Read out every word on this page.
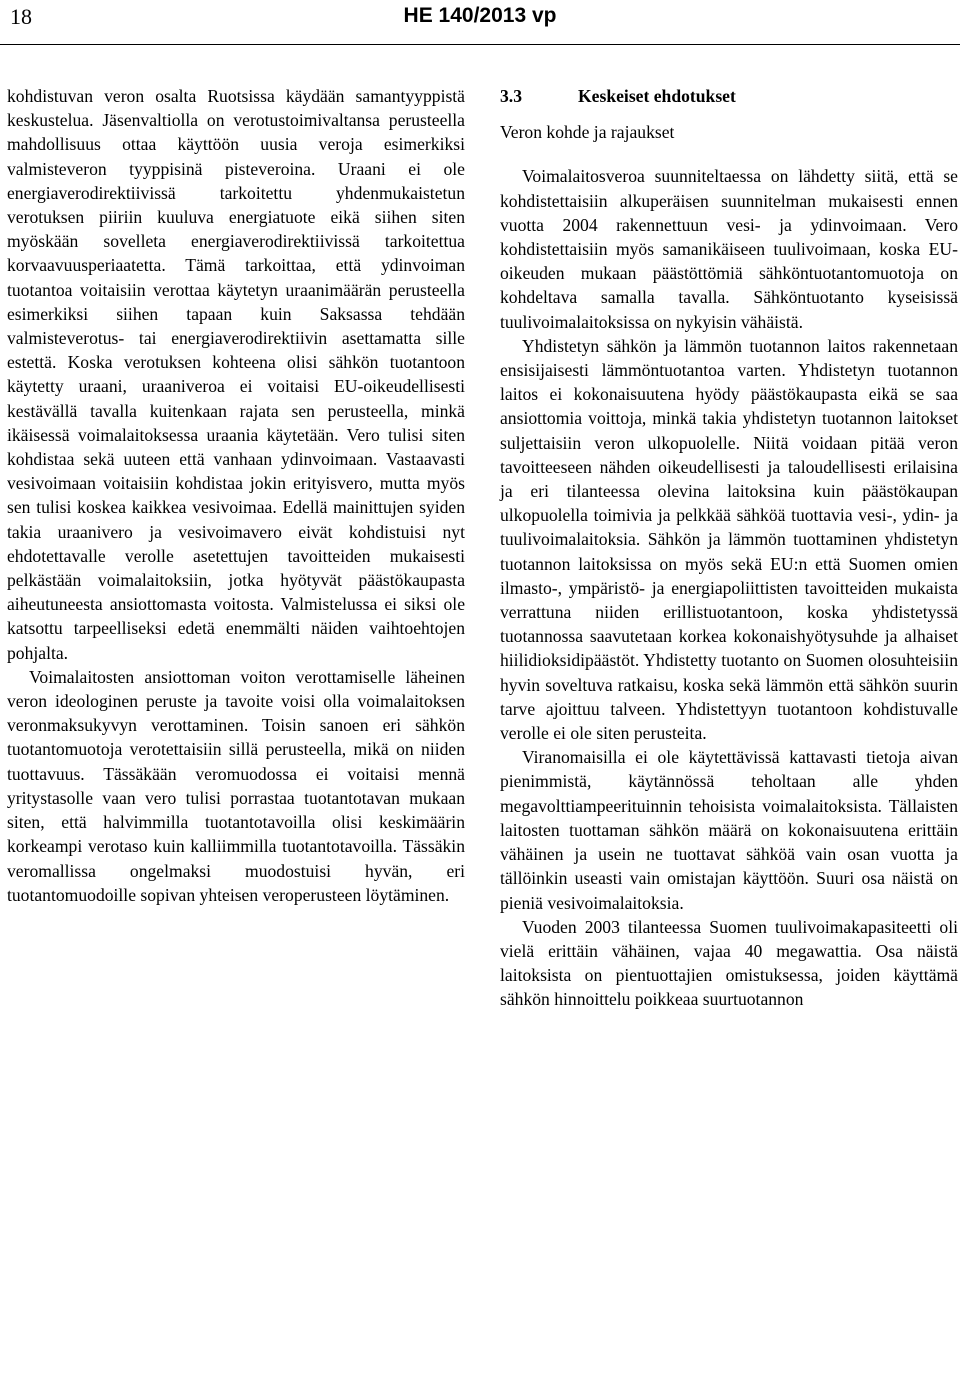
18	HE 140/2013 vp

kohdistuvan veron osalta Ruotsissa käydään samantyyppistä keskustelua. Jäsenvaltiolla on verotustoimivaltansa perusteella mahdollisuus ottaa käyttöön uusia veroja esimerkiksi valmisteveron tyyppisinä pisteveroina. Uraani ei ole energiaverodirektiivissä tarkoitettu yhdenmukaistetun verotuksen piiriin kuuluva energiatuote eikä siihen siten myöskään sovelleta energiaverodirektiivissä tarkoitettua korvaavuusperiaatetta. Tämä tarkoittaa, että ydinvoiman tuotantoa voitaisiin verottaa käytetyn uraanimäärän perusteella esimerkiksi siihen tapaan kuin Saksassa tehdään valmisteverotus- tai energiaverodirektiivin asettamatta sille estettä. Koska verotuksen kohteena olisi sähkön tuotantoon käytetty uraani, uraaniveroa ei voitaisi EU-oikeudellisesti kestävällä tavalla kuitenkaan rajata sen perusteella, minkä ikäisessä voimalaitoksessa uraania käytetään. Vero tulisi siten kohdistaa sekä uuteen että vanhaan ydinvoimaan. Vastaavasti vesivoimaan voitaisiin kohdistaa jokin erityisvero, mutta myös sen tulisi koskea kaikkea vesivoimaa. Edellä mainittujen syiden takia uraanivero ja vesivoimavero eivät kohdistuisi nyt ehdotettavalle verolle asetettujen tavoitteiden mukaisesti pelkästään voimalaitoksiin, jotka hyötyvät päästökaupasta aiheutuneesta ansiottomasta voitosta. Valmistelussa ei siksi ole katsottu tarpeelliseksi edetä enemmälti näiden vaihtoehtojen pohjalta.

Voimalaitosten ansiottoman voiton verottamiselle läheinen veron ideologinen peruste ja tavoite voisi olla voimalaitoksen veronmaksukyvyn verottaminen. Toisin sanoen eri sähkön tuotantomuotoja verotettaisiin sillä perusteella, mikä on niiden tuottavuus. Tässäkään veromuodossa ei voitaisi mennä yritystasolle vaan vero tulisi porrastaa tuotantotavan mukaan siten, että halvimmilla tuotantotavoilla olisi keskimäärin korkeampi verotaso kuin kalliimmilla tuotantotavoilla. Tässäkin veromallissa ongelmaksi muodostuisi hyvän, eri tuotantomuodoille sopivan yhteisen veroperusteen löytäminen.

3.3	Keskeiset ehdotukset

Veron kohde ja rajaukset

Voimalaitosveroa suunniteltaessa on lähdetty siitä, että se kohdistettaisiin alkuperäisen suunnitelman mukaisesti ennen vuotta 2004 rakennettuun vesi- ja ydinvoimaan. Vero kohdistettaisiin myös samanikäiseen tuulivoimaan, koska EU-oikeuden mukaan päästöttömiä sähköntuotantomuotoja on kohdeltava samalla tavalla. Sähköntuotanto kyseisissä tuulivoimalaitoksissa on nykyisin vähäistä.

Yhdistetyn sähkön ja lämmön tuotannon laitos rakennetaan ensisijaisesti lämmöntuotantoa varten. Yhdistetyn tuotannon laitos ei kokonaisuutena hyödy päästökaupasta eikä se saa ansiottomia voittoja, minkä takia yhdistetyn tuotannon laitokset suljettaisiin veron ulkopuolelle. Niitä voidaan pitää veron tavoitteeseen nähden oikeudellisesti ja taloudellisesti erilaisina ja eri tilanteessa olevina laitoksina kuin päästökaupan ulkopuolella toimivia ja pelkkää sähköä tuottavia vesi-, ydin- ja tuulivoimalaitoksia. Sähkön ja lämmön tuottaminen yhdistetyn tuotannon laitoksissa on myös sekä EU:n että Suomen omien ilmasto-, ympäristö- ja energiapoliittisten tavoitteiden mukaista verrattuna niiden erillistuotantoon, koska yhdistetyssä tuotannossa saavutetaan korkea kokonaishyötysuhde ja alhaiset hiilidioksidipäästöt. Yhdistetty tuotanto on Suomen olosuhteisiin hyvin soveltuva ratkaisu, koska sekä lämmön että sähkön suurin tarve ajoittuu talveen. Yhdistettyyn tuotantoon kohdistuvalle verolle ei ole siten perusteita.

Viranomaisilla ei ole käytettävissä kattavasti tietoja aivan pienimmistä, käytännössä teholtaan alle yhden megavolttiampeerituinnin tehoisista voimalaitoksista. Tällaisten laitosten tuottaman sähkön määrä on kokonaisuutena erittäin vähäinen ja usein ne tuottavat sähköä vain osan vuotta ja tällöinkin useasti vain omistajan käyttöön. Suuri osa näistä on pieniä vesivoimalaitoksia.

Vuoden 2003 tilanteessa Suomen tuulivoimakapasiteetti oli vielä erittäin vähäinen, vajaa 40 megawattia. Osa näistä laitoksista on pientuottajien omistuksessa, joiden käyttämä sähkön hinnoittelu poikkeaa suurtuotannon
